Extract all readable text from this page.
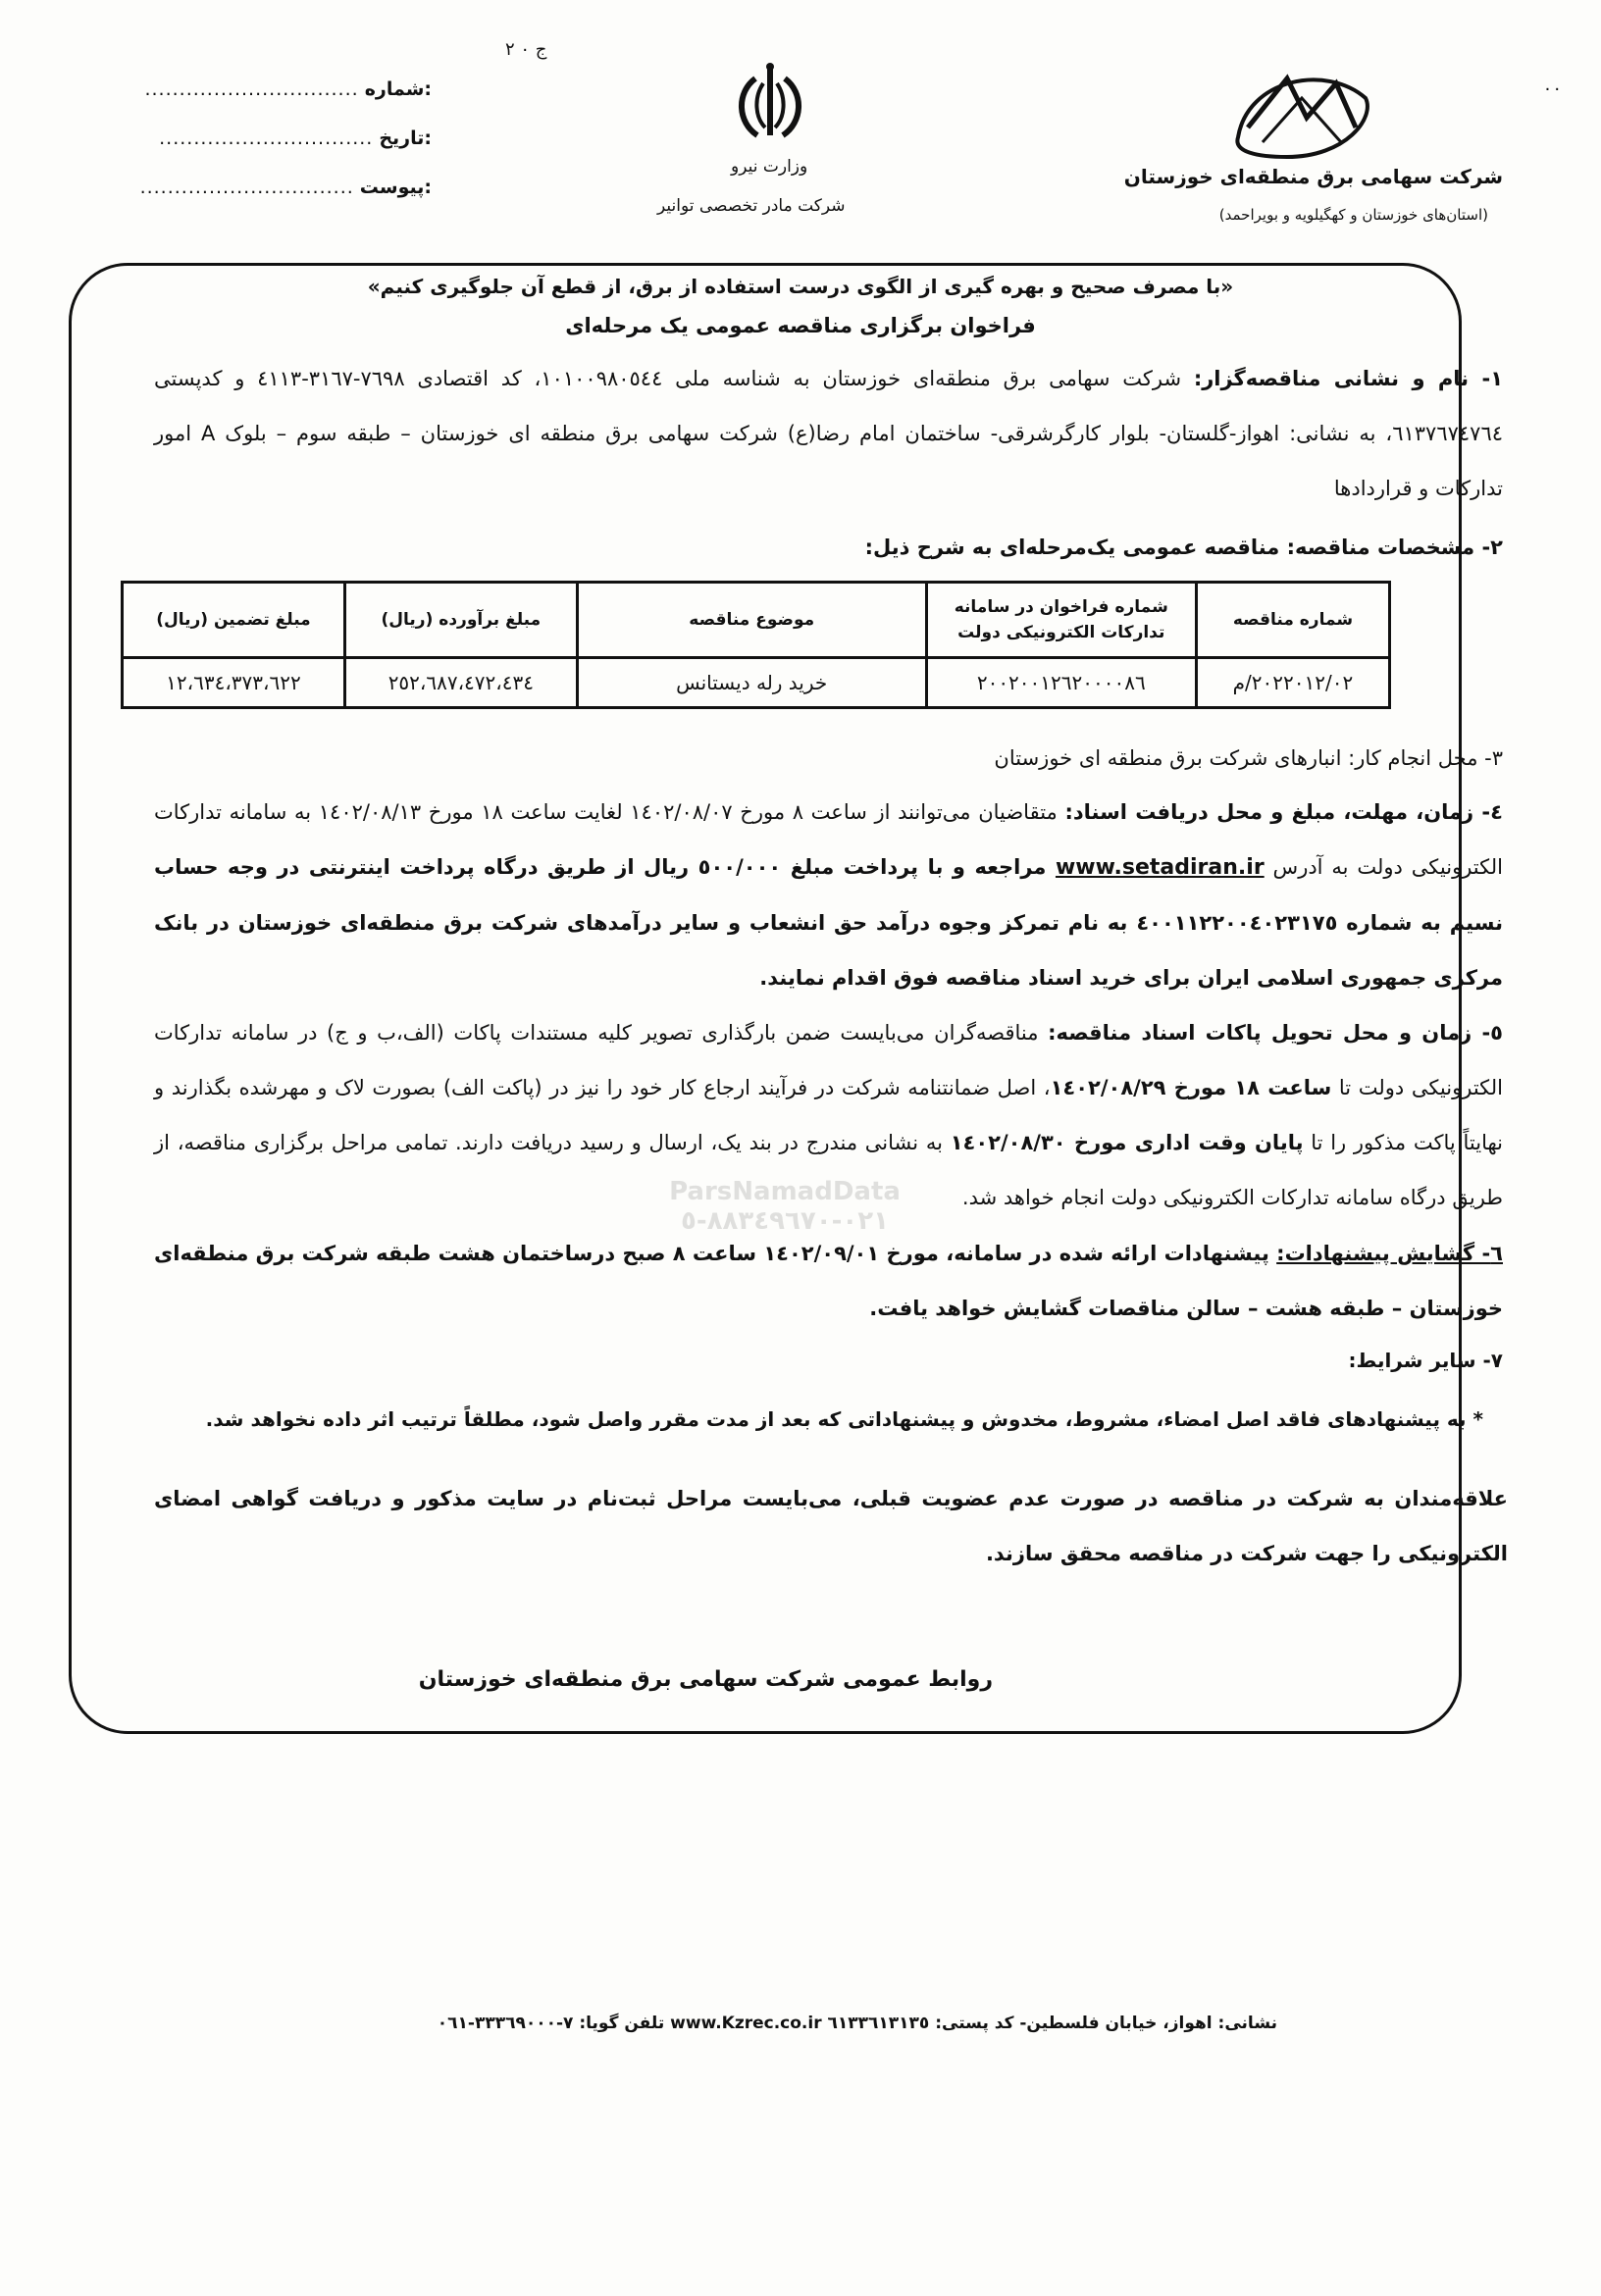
شرکت سهامی برق منطقه‌ای خوزستان
(استان‌های خوزستان و کهگیلویه و بویراحمد)
وزارت نیرو
شرکت مادر تخصصی توانیر
:شماره
...............................
:تاریخ
...............................
:پیوست
...............................
ج ٠ ٢
٠٠
«با مصرف صحیح و بهره گیری از الگوی درست استفاده از برق، از قطع آن جلوگیری کنیم»
فراخوان برگزاری مناقصه عمومی یک مرحله‌ای
١- نام و نشانی مناقصه‌گزار: شرکت سهامی برق منطقه‌ای خوزستان به شناسه ملی ١٠١٠٠٩٨٠٥٤٤، کد اقتصادی ٧٦٩٨-٣١٦٧-٤١١٣ و کدپستی ٦١٣٧٦٧٤٧٦٤، به نشانی: اهواز-گلستان- بلوار کارگرشرقی- ساختمان امام رضا(ع) شرکت سهامی برق منطقه ای خوزستان – طبقه سوم – بلوک A امور تدارکات و قراردادها
٢- مشخصات مناقصه: مناقصه عمومی یک‌مرحله‌ای به شرح ذیل:
شماره مناقصه	شماره فراخوان در سامانه تدارکات الکترونیکی دولت	موضوع مناقصه	مبلغ برآورده (ریال)	مبلغ تضمین (ریال)
٢٠٢٢٠١٢/٠٢/م	٢٠٠٢٠٠١٢٦٢٠٠٠٠٨٦	خرید رله دیستانس	٢٥٢،٦٨٧،٤٧٢،٤٣٤	١٢،٦٣٤،٣٧٣،٦٢٢
٣- محل انجام کار: انبارهای شرکت برق منطقه ای خوزستان
٤- زمان، مهلت، مبلغ و محل دریافت اسناد: متقاضیان می‌توانند از ساعت ٨ مورخ ١٤٠٢/٠٨/٠٧ لغایت ساعت ١٨ مورخ ١٤٠٢/٠٨/١٣ به سامانه تدارکات الکترونیکی دولت به آدرس www.setadiran.ir مراجعه و با پرداخت مبلغ ٥٠٠/٠٠٠ ریال از طریق درگاه پرداخت اینترنتی در وجه حساب نسیم به شماره ٤٠٠١١٢٢٠٠٤٠٢٣١٧٥ به نام تمرکز وجوه درآمد حق انشعاب و سایر درآمدهای شرکت برق منطقه‌ای خوزستان در بانک مرکزی جمهوری اسلامی ایران برای خرید اسناد مناقصه فوق اقدام نمایند.
٥- زمان و محل تحویل پاکات اسناد مناقصه: مناقصه‌گران می‌بایست ضمن بارگذاری تصویر کلیه مستندات پاکات (الف،ب و ج) در سامانه تدارکات الکترونیکی دولت تا ساعت ١٨ مورخ ١٤٠٢/٠٨/٢٩، اصل ضمانتنامه شرکت در فرآیند ارجاع کار خود را نیز در (پاکت الف) بصورت لاک و مهرشده بگذارند و نهایتاً پاکت مذکور را تا پایان وقت اداری مورخ ١٤٠٢/٠٨/٣٠ به نشانی مندرج در بند یک، ارسال و رسید دریافت دارند. تمامی مراحل برگزاری مناقصه، از طریق درگاه سامانه تدارکات الکترونیکی دولت انجام خواهد شد.
٦- گشایش پیشنهادات: پیشنهادات ارائه شده در سامانه، مورخ ١٤٠٢/٠٩/٠١ ساعت ٨ صبح درساختمان هشت طبقه شرکت برق منطقه‌ای خوزستان – طبقه هشت – سالن مناقصات گشایش خواهد یافت.
٧- سایر شرایط:
* به پیشنهادهای فاقد اصل امضاء، مشروط، مخدوش و پیشنهاداتی که بعد از مدت مقرر واصل شود، مطلقاً ترتیب اثر داده نخواهد شد.
علاقه‌مندان به شرکت در مناقصه در صورت عدم عضویت قبلی، می‌بایست مراحل ثبت‌نام در سایت مذکور و دریافت گواهی امضای الکترونیکی را جهت شرکت در مناقصه محقق سازند.
روابط عمومی شرکت سهامی برق منطقه‌ای خوزستان
ParsNamadData
٠٢١-٨٨٣٤٩٦٧٠-٥
نشانی: اهواز، خیابان فلسطین- کد پستی: ٦١٣٣٦١٣١٣٥ www.Kzrec.co.ir تلفن گویا: ٧-٣٣٣٦٩٠٠٠-٠٦١
